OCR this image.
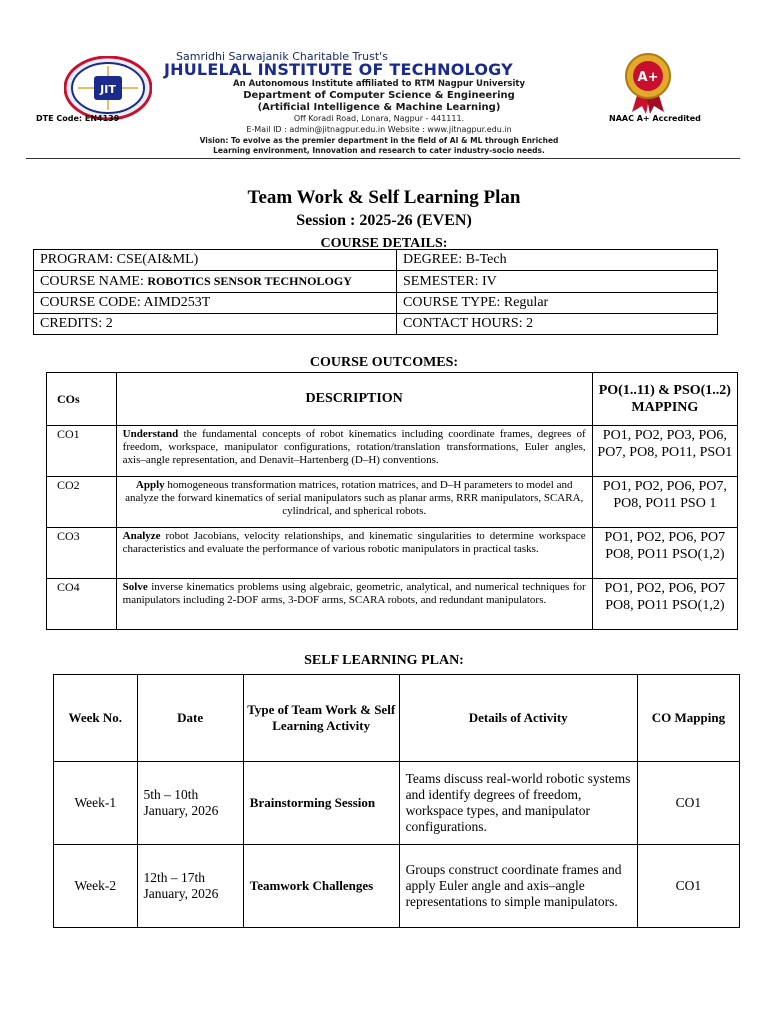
JIT
DTE Code: EN4139
A+
NAAC A+ Accredited
Samridhi Sarwajanik Charitable Trust's
JHULELAL INSTITUTE OF TECHNOLOGY
An Autonomous Institute affiliated to RTM Nagpur University
Department of Computer Science & Engineering
(Artificial Intelligence & Machine Learning)
Off Koradi Road, Lonara, Nagpur - 441111.
E-Mail ID : admin@jitnagpur.edu.in Website : www.jitnagpur.edu.in
Vision: To evolve as the premier department in the field of AI & ML through Enriched
Learning environment, Innovation and research to cater industry-socio needs.
Team Work & Self Learning Plan
Session : 2025-26 (EVEN)
COURSE DETAILS:
PROGRAM: CSE(AI&ML)	DEGREE: B-Tech
COURSE NAME: ROBOTICS SENSOR TECHNOLOGY	SEMESTER: IV
COURSE CODE: AIMD253T	COURSE TYPE: Regular
CREDITS: 2	CONTACT HOURS: 2
COURSE OUTCOMES:
COs	DESCRIPTION	PO(1..11) & PSO(1..2) MAPPING
CO1	Understand the fundamental concepts of robot kinematics including coordinate frames, degrees of freedom, workspace, manipulator configurations, rotation/translation transformations, Euler angles, axis–angle representation, and Denavit–Hartenberg (D–H) conventions.	PO1, PO2, PO3, PO6, PO7, PO8, PO11, PSO1
CO2	Apply homogeneous transformation matrices, rotation matrices, and D–H parameters to model and analyze the forward kinematics of serial manipulators such as planar arms, RRR manipulators, SCARA, cylindrical, and spherical robots.	PO1, PO2, PO6, PO7, PO8, PO11 PSO 1
CO3	Analyze robot Jacobians, velocity relationships, and kinematic singularities to determine workspace characteristics and evaluate the performance of various robotic manipulators in practical tasks.	PO1, PO2, PO6, PO7 PO8, PO11 PSO(1,2)
CO4	Solve inverse kinematics problems using algebraic, geometric, analytical, and numerical techniques for manipulators including 2-DOF arms, 3-DOF arms, SCARA robots, and redundant manipulators.	PO1, PO2, PO6, PO7 PO8, PO11 PSO(1,2)
SELF LEARNING PLAN:
Week No.	Date	Type of Team Work & Self Learning Activity	Details of Activity	CO Mapping
Week-1	5th – 10th January, 2026	Brainstorming Session	Teams discuss real-world robotic systems and identify degrees of freedom, workspace types, and manipulator configurations.	CO1
Week-2	12th – 17th January, 2026	Teamwork Challenges	Groups construct coordinate frames and apply Euler angle and axis–angle representations to simple manipulators.	CO1
